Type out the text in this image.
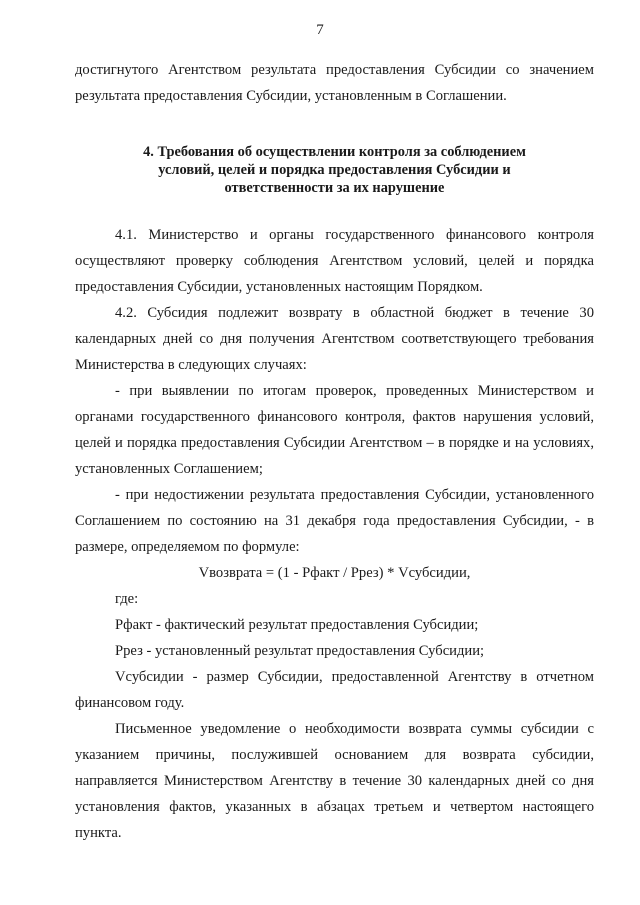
7

достигнутого Агентством результата предоставления Субсидии со значением результата предоставления Субсидии, установленным в Соглашении.

4. Требования об осуществлении контроля за соблюдением
условий, целей и порядка предоставления Субсидии и
ответственности за их нарушение

4.1. Министерство и органы государственного финансового контроля осуществляют проверку соблюдения Агентством условий, целей и порядка предоставления Субсидии, установленных настоящим Порядком.

4.2. Субсидия подлежит возврату в областной бюджет в течение 30 календарных дней со дня получения Агентством соответствующего требования Министерства в следующих случаях:

- при выявлении по итогам проверок, проведенных Министерством и органами государственного финансового контроля, фактов нарушения условий, целей и порядка предоставления Субсидии Агентством – в порядке и на условиях, установленных Соглашением;

- при недостижении результата предоставления Субсидии, установленного Соглашением по состоянию на 31 декабря года предоставления Субсидии, - в размере, определяемом по формуле:

Vвозврата = (1 - Рфакт / Ррез) * Vсубсидии,

где:

Рфакт - фактический результат предоставления Субсидии;

Ррез - установленный результат предоставления Субсидии;

Vсубсидии - размер Субсидии, предоставленной Агентству в отчетном финансовом году.

Письменное уведомление о необходимости возврата суммы субсидии с указанием причины, послужившей основанием для возврата субсидии, направляется Министерством Агентству в течение 30 календарных дней со дня установления фактов, указанных в абзацах третьем и четвертом настоящего пункта.
